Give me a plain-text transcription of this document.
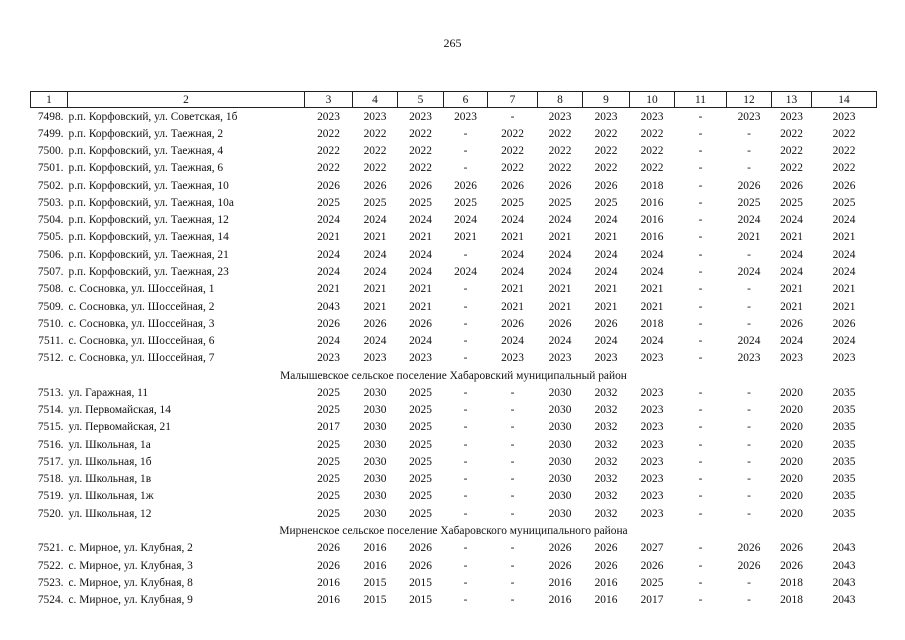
265
1	2	3	4	5	6	7	8	9	10	11	12	13	14
7498.	р.п. Корфовский, ул. Советская, 1б	2023	2023	2023	2023	-	2023	2023	2023	-	2023	2023	2023
7499.	р.п. Корфовский, ул. Таежная, 2	2022	2022	2022	-	2022	2022	2022	2022	-	-	2022	2022
7500.	р.п. Корфовский, ул. Таежная, 4	2022	2022	2022	-	2022	2022	2022	2022	-	-	2022	2022
7501.	р.п. Корфовский, ул. Таежная, 6	2022	2022	2022	-	2022	2022	2022	2022	-	-	2022	2022
7502.	р.п. Корфовский, ул. Таежная, 10	2026	2026	2026	2026	2026	2026	2026	2018	-	2026	2026	2026
7503.	р.п. Корфовский, ул. Таежная, 10а	2025	2025	2025	2025	2025	2025	2025	2016	-	2025	2025	2025
7504.	р.п. Корфовский, ул. Таежная, 12	2024	2024	2024	2024	2024	2024	2024	2016	-	2024	2024	2024
7505.	р.п. Корфовский, ул. Таежная, 14	2021	2021	2021	2021	2021	2021	2021	2016	-	2021	2021	2021
7506.	р.п. Корфовский, ул. Таежная, 21	2024	2024	2024	-	2024	2024	2024	2024	-	-	2024	2024
7507.	р.п. Корфовский, ул. Таежная, 23	2024	2024	2024	2024	2024	2024	2024	2024	-	2024	2024	2024
7508.	с. Сосновка, ул. Шоссейная, 1	2021	2021	2021	-	2021	2021	2021	2021	-	-	2021	2021
7509.	с. Сосновка, ул. Шоссейная, 2	2043	2021	2021	-	2021	2021	2021	2021	-	-	2021	2021
7510.	с. Сосновка, ул. Шоссейная, 3	2026	2026	2026	-	2026	2026	2026	2018	-	-	2026	2026
7511.	с. Сосновка, ул. Шоссейная, 6	2024	2024	2024	-	2024	2024	2024	2024	-	2024	2024	2024
7512.	с. Сосновка, ул. Шоссейная, 7	2023	2023	2023	-	2023	2023	2023	2023	-	2023	2023	2023
Малышевское сельское поселение Хабаровский муниципальный район													
7513.	ул. Гаражная, 11	2025	2030	2025	-	-	2030	2032	2023	-	-	2020	2035
7514.	ул. Первомайская, 14	2025	2030	2025	-	-	2030	2032	2023	-	-	2020	2035
7515.	ул. Первомайская, 21	2017	2030	2025	-	-	2030	2032	2023	-	-	2020	2035
7516.	ул. Школьная, 1а	2025	2030	2025	-	-	2030	2032	2023	-	-	2020	2035
7517.	ул. Школьная, 1б	2025	2030	2025	-	-	2030	2032	2023	-	-	2020	2035
7518.	ул. Школьная, 1в	2025	2030	2025	-	-	2030	2032	2023	-	-	2020	2035
7519.	ул. Школьная, 1ж	2025	2030	2025	-	-	2030	2032	2023	-	-	2020	2035
7520.	ул. Школьная, 12	2025	2030	2025	-	-	2030	2032	2023	-	-	2020	2035
Мирненское сельское поселение Хабаровского муниципального района													
7521.	с. Мирное, ул. Клубная, 2	2026	2016	2026	-	-	2026	2026	2027	-	2026	2026	2043
7522.	с. Мирное, ул. Клубная, 3	2026	2016	2026	-	-	2026	2026	2026	-	2026	2026	2043
7523.	с. Мирное, ул. Клубная, 8	2016	2015	2015	-	-	2016	2016	2025	-	-	2018	2043
7524.	с. Мирное, ул. Клубная, 9	2016	2015	2015	-	-	2016	2016	2017	-	-	2018	2043
